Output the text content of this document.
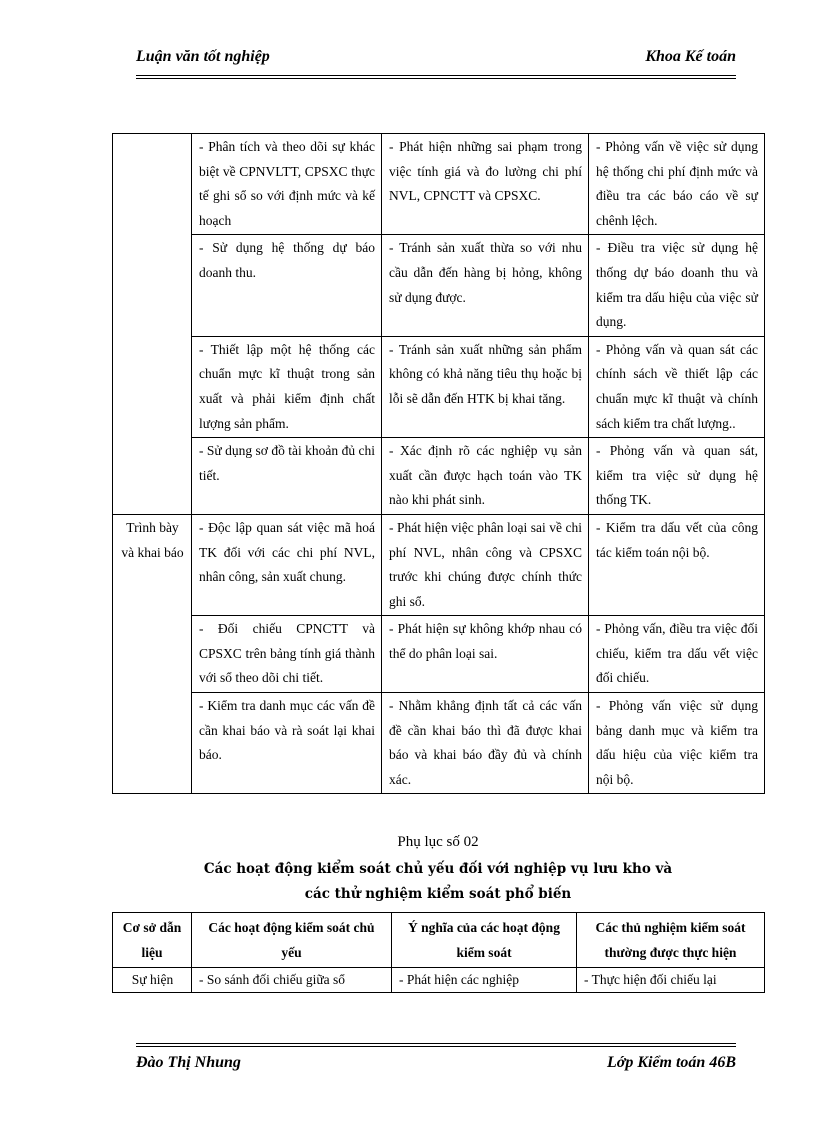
Luận văn tốt nghiệp	Khoa Kế toán
	- Phân tích và theo dõi sự khác biệt về CPNVLTT, CPSXC thực tế ghi sổ so với định mức và kế hoạch	- Phát hiện những sai phạm trong việc tính giá và đo lường chi phí NVL, CPNCTT và CPSXC.	- Phỏng vấn về việc sử dụng hệ thống chi phí định mức và điều tra các báo cáo về sự chênh lệch.
	- Sử dụng hệ thống dự báo doanh thu.	- Tránh sản xuất thừa so với nhu cầu dẫn đến hàng bị hỏng, không sử dụng được.	- Điều tra việc sử dụng hệ thống dự báo doanh thu và kiểm tra dấu hiệu của việc sử dụng.
	- Thiết lập một hệ thống các chuẩn mực kĩ thuật trong sản xuất và phải kiểm định chất lượng sản phẩm.	- Tránh sản xuất những sản phẩm không có khả năng tiêu thụ hoặc bị lỗi sẽ dẫn đến HTK bị khai tăng.	- Phỏng vấn và quan sát các chính sách về thiết lập các chuẩn mực kĩ thuật và chính sách kiểm tra chất lượng..
	- Sử dụng sơ đồ tài khoản đủ chi tiết.	- Xác định rõ các nghiệp vụ sản xuất cần được hạch toán vào TK nào khi phát sinh.	- Phỏng vấn và quan sát, kiểm tra việc sử dụng hệ thống TK.
Trình bày và khai báo	- Độc lập quan sát việc mã hoá TK đối với các chi phí NVL, nhân công, sản xuất chung.	- Phát hiện việc phân loại sai về chi phí NVL, nhân công và CPSXC trước khi chúng được chính thức ghi sổ.	- Kiểm tra dấu vết của công tác kiểm toán nội bộ.
	- Đối chiếu CPNCTT và CPSXC trên bảng tính giá thành với sổ theo dõi chi tiết.	- Phát hiện sự không khớp nhau có thể do phân loại sai.	- Phỏng vấn, điều tra việc đối chiếu, kiểm tra dấu vết việc đối chiếu.
	- Kiểm tra danh mục các vấn đề cần khai báo và rà soát lại khai báo.	- Nhằm khẳng định tất cả các vấn đề cần khai báo thì đã được khai báo và khai báo đầy đủ và chính xác.	- Phỏng vấn việc sử dụng bảng danh mục và kiểm tra dấu hiệu của việc kiểm tra nội bộ.
Phụ lục số 02
Các hoạt động kiểm soát chủ yếu đối với nghiệp vụ lưu kho và
các thử nghiệm kiểm soát phổ biến
Cơ sở dẫn liệu	Các hoạt động kiểm soát chủ yếu	Ý nghĩa của các hoạt động kiểm soát	Các thủ nghiệm kiểm soát thường được thực hiện
Sự hiện	- So sánh đối chiếu giữa sổ	- Phát hiện các nghiệp	- Thực hiện đối chiếu lại
Đào Thị Nhung	Lớp Kiểm toán 46B
